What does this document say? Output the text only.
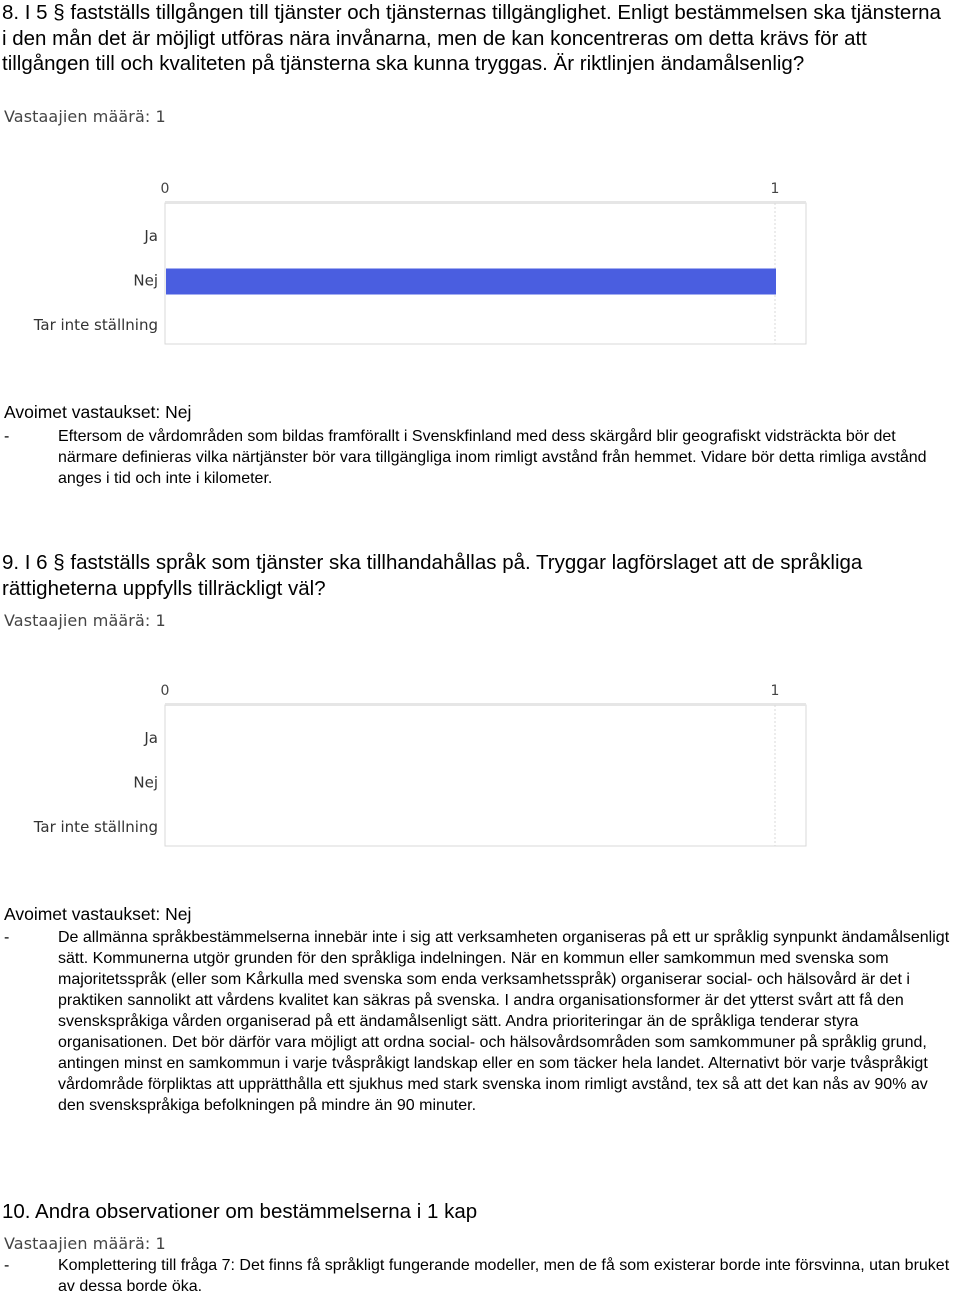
8. I 5 § fastställs tillgången till tjänster och tjänsternas tillgänglighet. Enligt bestämmelsen ska tjänsterna i den mån det är möjligt utföras nära invånarna, men de kan koncentreras om detta krävs för att tillgången till och kvaliteten på tjänsterna ska kunna tryggas. Är riktlinjen ändamålsenlig?
Vastaajien määrä: 1
0	1
Ja
Nej
Tar inte ställning
Avoimet vastaukset: Nej
-	Eftersom de vårdområden som bildas framförallt i Svenskfinland med dess skärgård blir geografiskt vidsträckta bör det närmare definieras vilka närtjänster bör vara tillgängliga inom rimligt avstånd från hemmet. Vidare bör detta rimliga avstånd anges i tid och inte i kilometer.
9. I 6 § fastställs språk som tjänster ska tillhandahållas på. Tryggar lagförslaget att de språkliga rättigheterna uppfylls tillräckligt väl?
Vastaajien määrä: 1
0	1
Ja
Nej
Tar inte ställning
Avoimet vastaukset: Nej
-	De allmänna språkbestämmelserna innebär inte i sig att verksamheten organiseras på ett ur språklig synpunkt ändamålsenligt sätt. Kommunerna utgör grunden för den språkliga indelningen. När en kommun eller samkommun med svenska som majoritetsspråk (eller som Kårkulla med svenska som enda verksamhetsspråk) organiserar social- och hälsovård är det i praktiken sannolikt att vårdens kvalitet kan säkras på svenska. I andra organisationsformer är det ytterst svårt att få den svenskspråkiga vården organiserad på ett ändamålsenligt sätt. Andra prioriteringar än de språkliga tenderar styra organisationen. Det bör därför vara möjligt att ordna social- och hälsovårdsområden som samkommuner på språklig grund, antingen minst en samkommun i varje tvåspråkigt landskap eller en som täcker hela landet. Alternativt bör varje tvåspråkigt vårdområde förpliktas att upprätthålla ett sjukhus med stark svenska inom rimligt avstånd, tex så att det kan nås av 90% av den svenskspråkiga befolkningen på mindre än 90 minuter.
10. Andra observationer om bestämmelserna i 1 kap
Vastaajien määrä: 1
-	Komplettering till fråga 7: Det finns få språkligt fungerande modeller, men de få som existerar borde inte försvinna, utan bruket av dessa borde öka.
